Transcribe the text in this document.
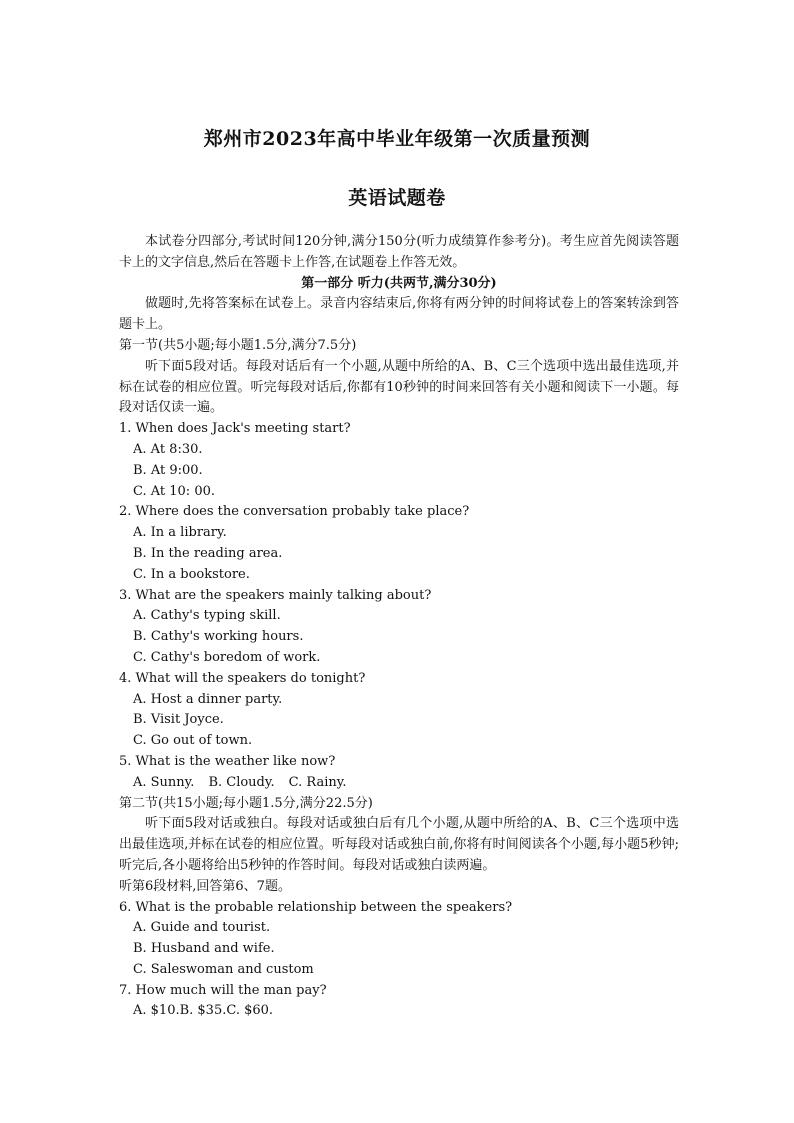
郑州市2023年高中毕业年级第一次质量预测
英语试题卷

本试卷分四部分,考试时间120分钟,满分150分(听力成绩算作参考分)。考生应首先阅读答题卡上的文字信息,然后在答题卡上作答,在试题卷上作答无效。

第一部分 听力(共两节,满分30分)

做题时,先将答案标在试卷上。录音内容结束后,你将有两分钟的时间将试卷上的答案转涂到答题卡上。

第一节(共5小题;每小题1.5分,满分7.5分)

听下面5段对话。每段对话后有一个小题,从题中所给的A、B、C三个选项中选出最佳选项,并标在试卷的相应位置。听完每段对话后,你都有10秒钟的时间来回答有关小题和阅读下一小题。每段对话仅读一遍。

1. When does Jack's meeting start?

A. At 8:30.

B. At 9:00.

C. At 10: 00.

2. Where does the conversation probably take place?

A. In a library.

B. In the reading area.

C. In a bookstore.

3. What are the speakers mainly talking about?

A. Cathy's typing skill.

B. Cathy's working hours.

C. Cathy's boredom of work.

4. What will the speakers do tonight?

A. Host a dinner party.

B. Visit Joyce.

C. Go out of town.

5. What is the weather like now?

A. Sunny. B. Cloudy. C. Rainy.

第二节(共15小题;每小题1.5分,满分22.5分)

听下面5段对话或独白。每段对话或独白后有几个小题,从题中所给的A、B、C三个选项中选出最佳选项,并标在试卷的相应位置。听每段对话或独白前,你将有时间阅读各个小题,每小题5秒钟;听完后,各小题将给出5秒钟的作答时间。每段对话或独白读两遍。

听第6段材料,回答第6、7题。

6. What is the probable relationship between the speakers?

A. Guide and tourist.

B. Husband and wife.

C. Saleswoman and custom

7. How much will the man pay?

A. $10.B. $35.C. $60.
